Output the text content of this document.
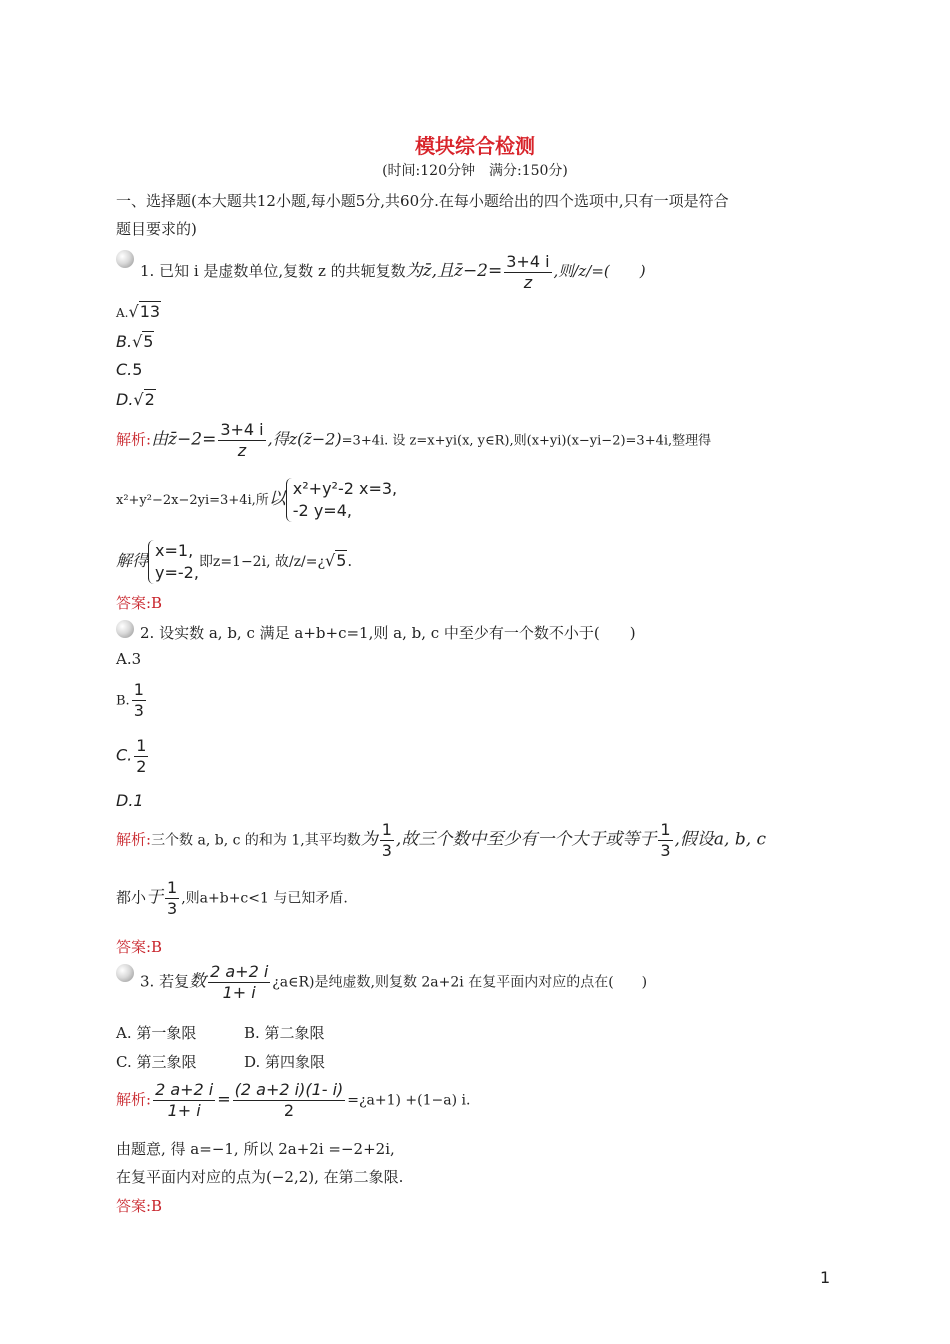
模块综合检测
(时间:120分钟　满分:150分)
一、选择题(本大题共12小题,每小题5分,共60分.在每小题给出的四个选项中,只有一项是符合
题目要求的)
1. 已知 i 是虚数单位,复数 z 的共轭复数为z̄,且z̄−2= $\frac{3+4 i}{z}$ ,则/z/=(　　)
A.√13
B.√5
C.5
D.√2
解析:由z̄−2= $\frac{3+4 i}{z}$ ,得z(z̄−2)=3+4i. 设 z=x+yi(x, y∈R),则(x+yi)(x−yi−2)=3+4i,整理得
x²+y²−2x−2yi=3+4i,所以
x²+y²-2 x=3,
-2 y=4,
解得
x=1,
y=-2,
即z=1−2i, 故/z/=¿√5.
答案:B
2. 设实数 a, b, c 满足 a+b+c=1,则 a, b, c 中至少有一个数不小于(　　)
A.3
B. $\frac{1}{3}$
C. $\frac{1}{2}$
D.1
解析:三个数 a, b, c 的和为 1,其平均数为 $\frac{1}{3}$ ,故三个数中至少有一个大于或等于 $\frac{1}{3}$ ,假设a, b, c
都小于 $\frac{1}{3}$ ,则a+b+c<1 与已知矛盾.
答案:B
3. 若复数 $\frac{2 a+2 i}{1+ i}$ ¿a∈R)是纯虚数,则复数 2a+2i 在复平面内对应的点在(　　)
A. 第一象限	B. 第二象限
C. 第三象限	D. 第四象限
解析: $\frac{2 a+2 i}{1+ i} = \frac{(2 a+2 i)(1- i)}{2}$ =¿a+1) +(1−a) i.
由题意, 得 a=−1, 所以 2a+2i =−2+2i,
在复平面内对应的点为(−2,2), 在第二象限.
答案:B
1
